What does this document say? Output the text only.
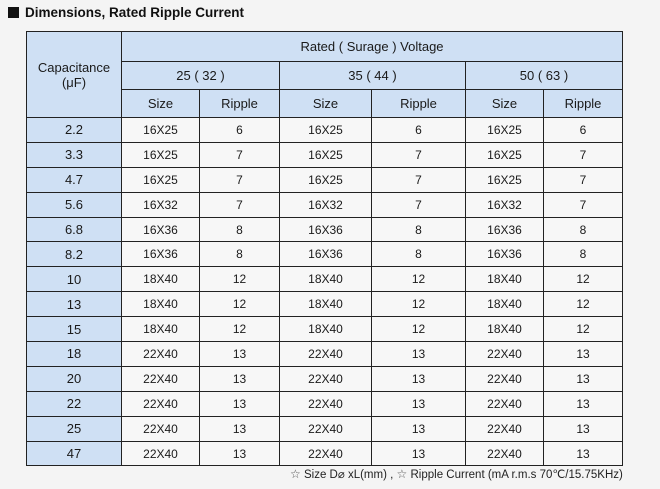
Dimensions, Rated Ripple Current
Capacitance
(μF)	Rated ( Surage ) Voltage					
	25 ( 32 )		35 ( 44 )		50 ( 63 )	
	Size	Ripple	Size	Ripple	Size	Ripple
2.2	16X25	6	16X25	6	16X25	6
3.3	16X25	7	16X25	7	16X25	7
4.7	16X25	7	16X25	7	16X25	7
5.6	16X32	7	16X32	7	16X32	7
6.8	16X36	8	16X36	8	16X36	8
8.2	16X36	8	16X36	8	16X36	8
10	18X40	12	18X40	12	18X40	12
13	18X40	12	18X40	12	18X40	12
15	18X40	12	18X40	12	18X40	12
18	22X40	13	22X40	13	22X40	13
20	22X40	13	22X40	13	22X40	13
22	22X40	13	22X40	13	22X40	13
25	22X40	13	22X40	13	22X40	13
47	22X40	13	22X40	13	22X40	13
☆ Size D⌀ xL(mm) , ☆ Ripple Current (mA r.m.s 70℃/15.75KHz)
